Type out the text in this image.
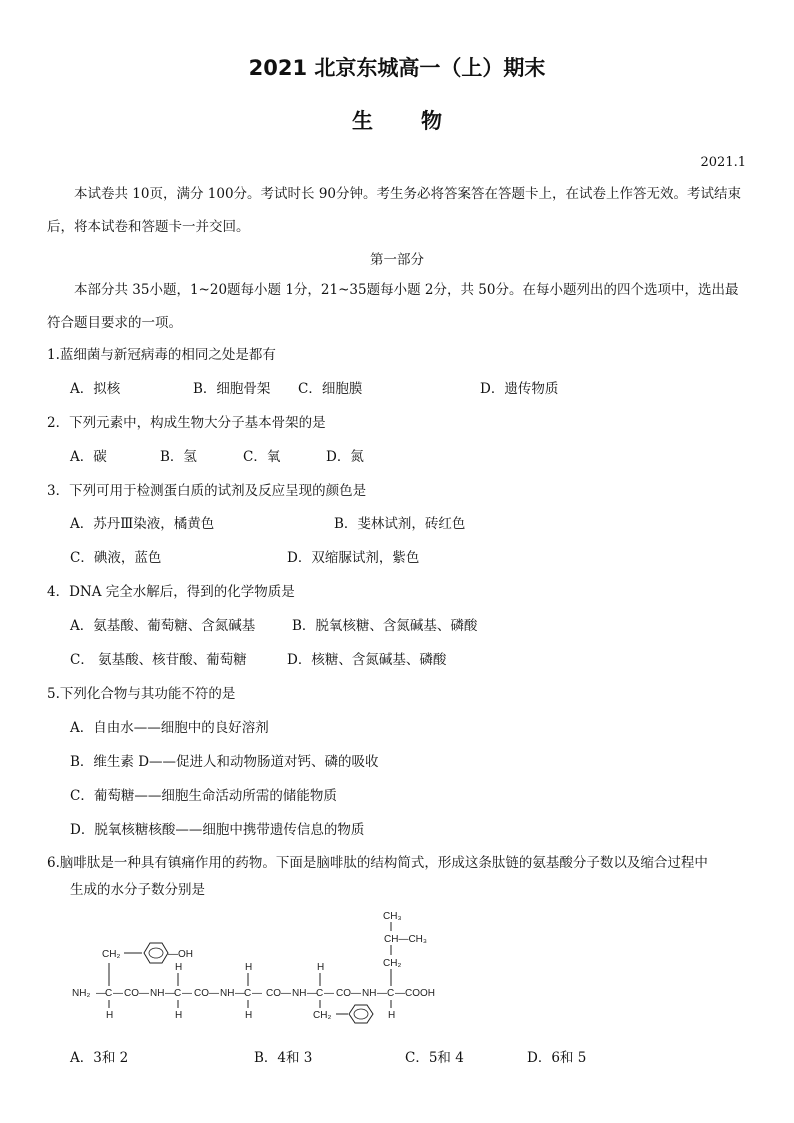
2021 北京东城高一（上）期末
生 物
2021.1

本试卷共 10页，满分 100分。考试时长 90分钟。考生务必将答案答在答题卡上，在试卷上作答无效。考试结束后，将本试卷和答题卡一并交回。

第一部分

本部分共 35小题，1~20题每小题 1分，21~35题每小题 2分，共 50分。在每小题列出的四个选项中，选出最符合题目要求的一项。

1.蓝细菌与新冠病毒的相同之处是都有
A．拟核	B．细胞骨架 C．细胞膜	D．遗传物质
2．下列元素中，构成生物大分子基本骨架的是
A．碳	B．氢	C．氧	D．氮
3．下列可用于检测蛋白质的试剂及反应呈现的颜色是
A．苏丹Ⅲ染液，橘黄色	B．斐林试剂，砖红色
C．碘液，蓝色	D．双缩脲试剂，紫色
4．DNA 完全水解后，得到的化学物质是
A．氨基酸、葡萄糖、含氮碱基	B．脱氧核糖、含氮碱基、磷酸
C． 氨基酸、核苷酸、葡萄糖	D．核糖、含氮碱基、磷酸
5.下列化合物与其功能不符的是
A．自由水——细胞中的良好溶剂
B．维生素 D——促进人和动物肠道对钙、磷的吸收
C．葡萄糖——细胞生命活动所需的储能物质
D．脱氧核糖核酸——细胞中携带遗传信息的物质
6.脑啡肽是一种具有镇痛作用的药物。下面是脑啡肽的结构简式，形成这条肽链的氨基酸分子数以及缩合过程中
生成的水分子数分别是
NH₂ — C — CO — NH — C — CO — NH — C — CO — NH — C — CO — NH — C — COOH
CH₂	—OH
H
H
H
H
H
H
CH₂
CH₃
CH—CH₃
CH₂
H
A．3和 2	B．4和 3	C．5和 4	D．6和 5
